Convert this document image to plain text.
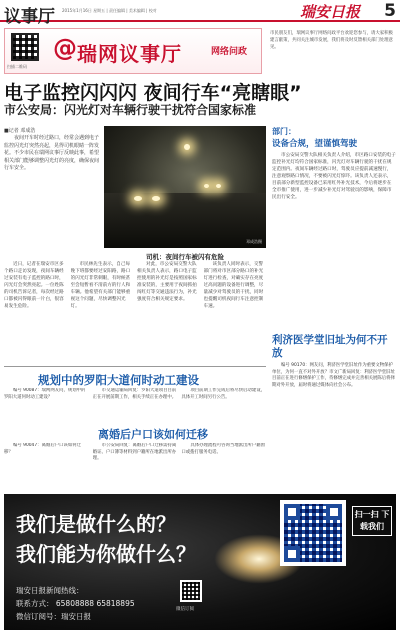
议事厅 2015年1月16日 星期五 | 责任编辑 | 美术编辑 | 校对	瑞安日报 5
扫描二维码
@ 瑞网议事厅	网络问政
市民朋友们，瑞网议事厅网络问政平台欢迎您参与，请大家积极建言献策，共同关注城市发展，我们将及时反馈相关部门处理意见。
电子监控闪闪闪 夜间行车“亮瞎眼”
市公安局：闪光灯对车辆行驶干扰符合国家标准
■记者 邓成浩
夜间开车时经过路口，经常会遇到电子监控闪光灯突然亮起，晃得司机眼睛一阵发花。不少市民在瑞网议事厅反映此事，希望相关部门能够调整闪光灯的亮度，确保夜间行车安全。
邓成浩摄
司机：夜间行车被闪有危险
部门：
设备合规，望谨慎驾驶
市公安局交警大队相关负责人介绍，市区路口安装的电子监控补光灯均符合国家标准，闪光灯对车辆行驶的干扰在规定范围内。夜间车辆经过路口时，驾驶员应提前减速慢行，注意观察路口情况，不要被闪光灯惊吓。该负责人还表示，目前部分新型监控设备已采用红外补光技术，今后将逐步在全市推广使用，进一步减少补光灯对驾驶员的影响，保障市民出行安全。
近日，记者在瑞安市区多个路口走访发现，夜间车辆经过安装有电子监控的路口时，闪光灯会突然亮起。一位姓陈的司机告诉记者，每次经过路口都被闪得眼前一片白，很容易发生危险。
市民林先生表示，自己每晚下班都要经过安阳路，路口的闪光灯非常刺眼，有时候甚至会短暂看不清前方的行人和车辆。他希望有关部门能够重视这个问题，尽快调整闪光灯。
对此，市公安局交警大队相关负责人表示，路口电子监控使用的补光灯是按照国家标准安装的，主要用于夜间抓拍闯红灯等交通违法行为，补光强度符合相关规定要求。
该负责人同时表示，交警部门将对市区部分路口的补光灯进行检查，对确实存在亮度过高问题的设备进行调整，尽量减少对驾驶员的干扰，同时也提醒司机夜间行车注意控制车速。
规划中的罗阳大道何时动工建设
编号 90087：瑞网网友问，规划中的罗阳大道何时动工建设？
市交通运输局回复：罗阳大道项目目前正在开展前期工作，相关手续正在办理中。
项目前期工作完成后将尽快启动建设，具体开工时间另行公告。
离婚后户口该如何迁移
编号 90047：离婚后户口该如何迁移？
市公安局回复：离婚后户口迁移需持离婚证、户口簿等材料到户籍所在地派出所办理。
具体办理流程可咨询当地派出所户籍窗口或拨打服务电话。
利济医学堂旧址为何不开放
编号 90170：网友问，利济医学堂旧址作为重要文物保护单位，为何一直不对外开放？市文广新局回复：利济医学堂旧址目前正在进行修缮保护工作，待修缮完成并完善相关展陈后将择期对外开放，届时将通过媒体向社会公布。
我们是做什么的？
我们能为你做什么？
瑞安日报新闻热线：
联系方式： 65808888 65818895
微信订阅号：瑞安日报
扫一扫 下载我们
微信订阅
